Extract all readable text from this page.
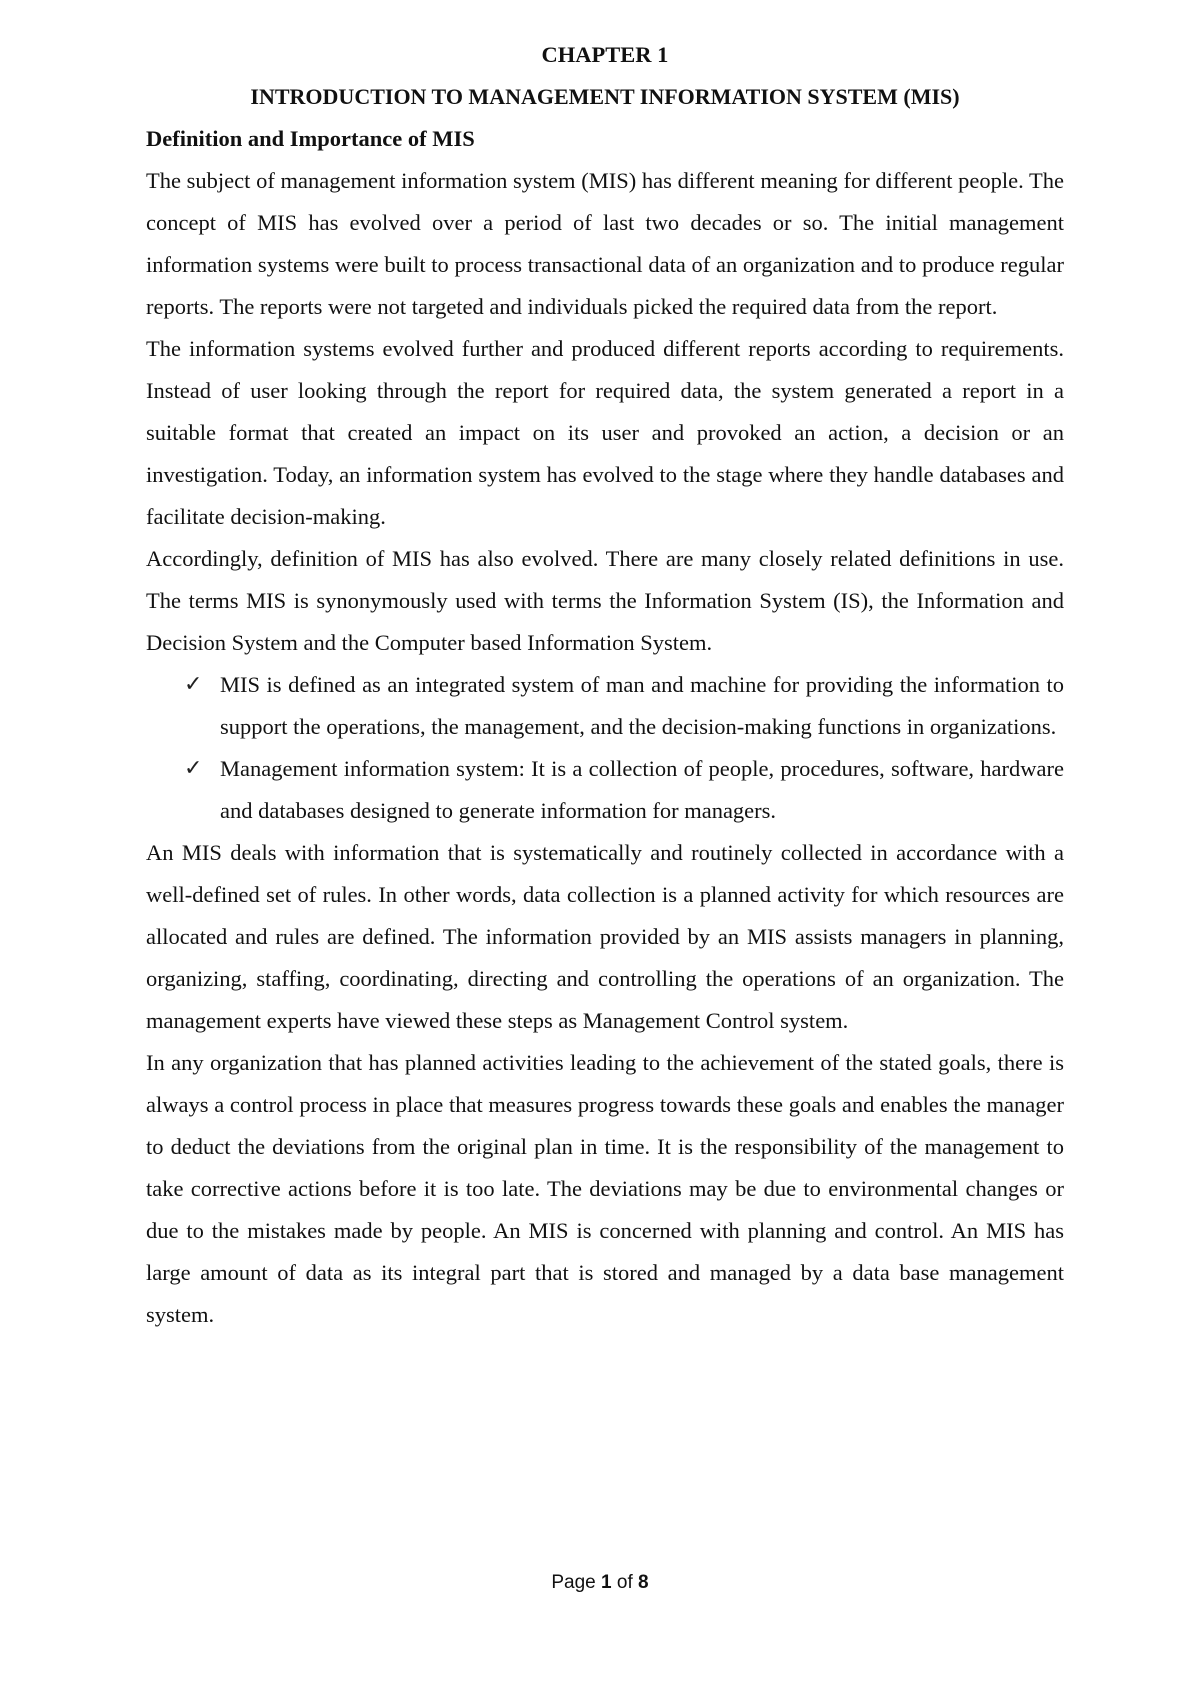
CHAPTER 1
INTRODUCTION TO MANAGEMENT INFORMATION SYSTEM (MIS)
Definition and Importance of MIS

The subject of management information system (MIS) has different meaning for different people. The concept of MIS has evolved over a period of last two decades or so. The initial management information systems were built to process transactional data of an organization and to produce regular reports. The reports were not targeted and individuals picked the required data from the report.

The information systems evolved further and produced different reports according to requirements. Instead of user looking through the report for required data, the system generated a report in a suitable format that created an impact on its user and provoked an action, a decision or an investigation. Today, an information system has evolved to the stage where they handle databases and facilitate decision-making.

Accordingly, definition of MIS has also evolved. There are many closely related definitions in use. The terms MIS is synonymously used with terms the Information System (IS), the Information and Decision System and the Computer based Information System.

✓ MIS is defined as an integrated system of man and machine for providing the information to support the operations, the management, and the decision-making functions in organizations.
✓ Management information system: It is a collection of people, procedures, software, hardware and databases designed to generate information for managers.

An MIS deals with information that is systematically and routinely collected in accordance with a well-defined set of rules. In other words, data collection is a planned activity for which resources are allocated and rules are defined. The information provided by an MIS assists managers in planning, organizing, staffing, coordinating, directing and controlling the operations of an organization. The management experts have viewed these steps as Management Control system.

In any organization that has planned activities leading to the achievement of the stated goals, there is always a control process in place that measures progress towards these goals and enables the manager to deduct the deviations from the original plan in time. It is the responsibility of the management to take corrective actions before it is too late. The deviations may be due to environmental changes or due to the mistakes made by people. An MIS is concerned with planning and control. An MIS has large amount of data as its integral part that is stored and managed by a data base management system.

Page 1 of 8
